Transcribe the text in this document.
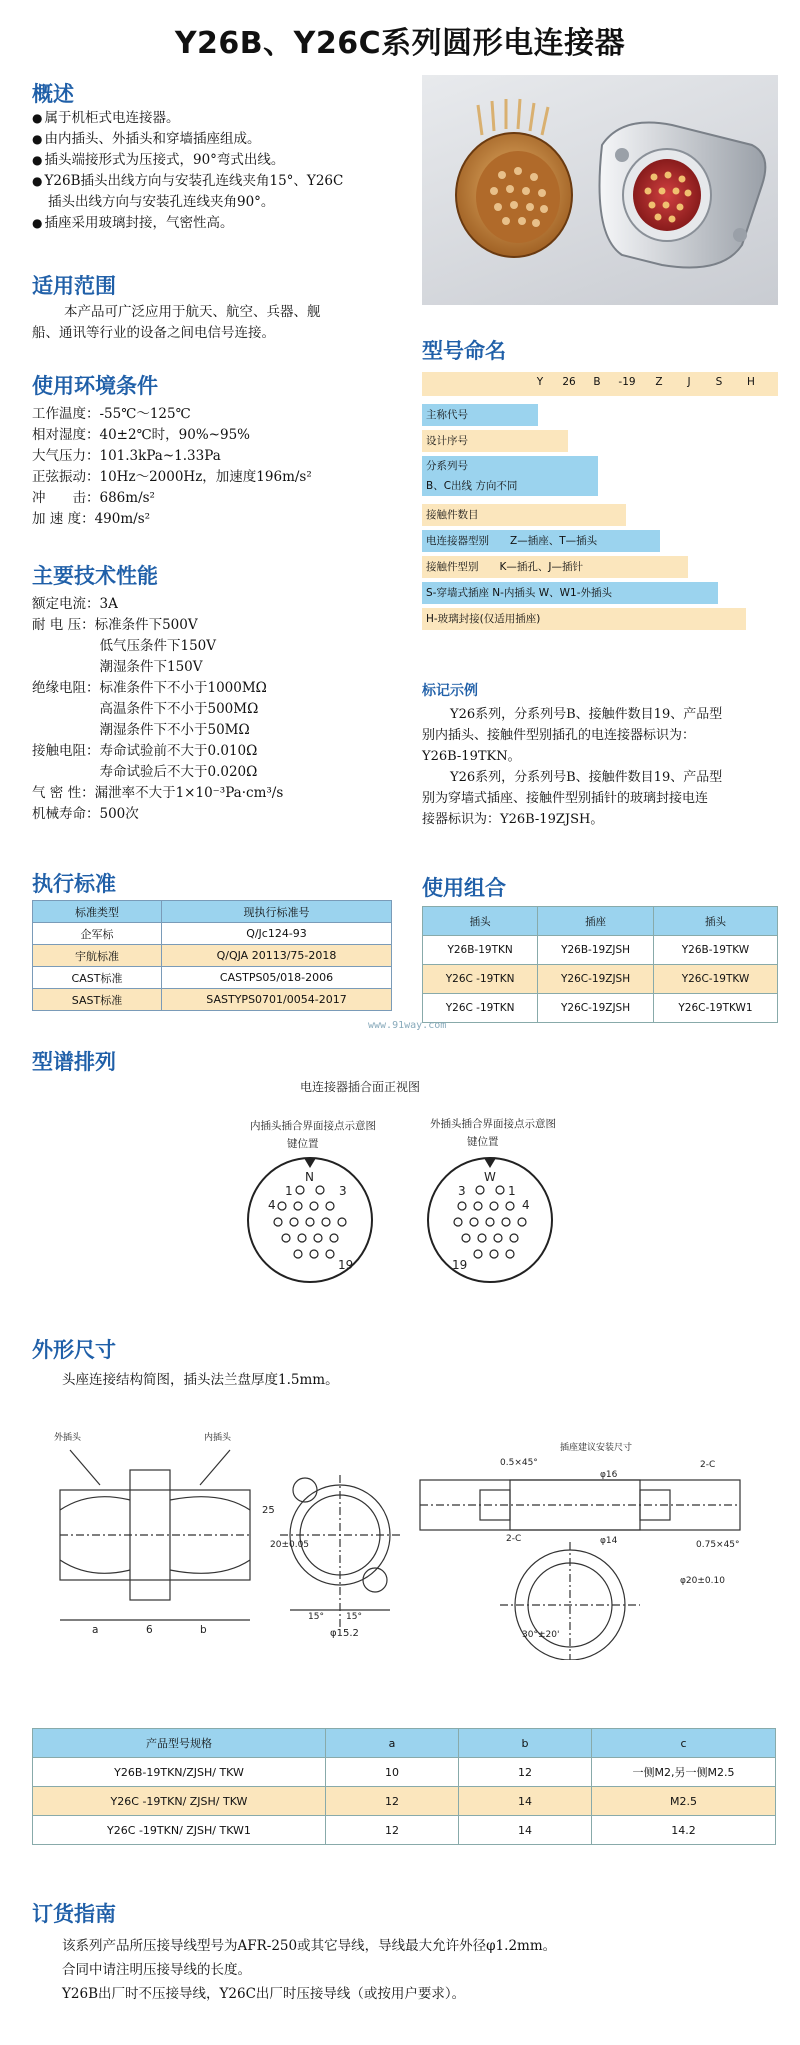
Y26B、Y26C系列圆形电连接器
概述

● 属于机柜式电连接器。

● 由内插头、外插头和穿墙插座组成。

● 插头端接形式为压接式，90°弯式出线。

● Y26B插头出线方向与安装孔连线夹角15°、Y26C

插头出线方向与安装孔连线夹角90°。

● 插座采用玻璃封接，气密性高。

适用范围

本产品可广泛应用于航天、航空、兵器、舰

船、通讯等行业的设备之间电信号连接。

使用环境条件

工作温度：-55℃～125℃

相对湿度：40±2℃时，90%~95%

大气压力：101.3kPa~1.33Pa

正弦振动：10Hz～2000Hz，加速度196m/s²

冲　　击：686m/s²

加 速 度：490m/s²

主要技术性能

额定电流：3A

耐 电 压：标准条件下500V

　　　　　低气压条件下150V

　　　　　潮湿条件下150V

绝缘电阻：标准条件下不小于1000MΩ

　　　　　高温条件下不小于500MΩ

　　　　　潮湿条件下不小于50MΩ

接触电阻：寿命试验前不大于0.010Ω

　　　　　寿命试验后不大于0.020Ω

气 密 性：漏泄率不大于1×10⁻³Pa·cm³/s

机械寿命：500次

执行标准
标准类型	现执行标准号
企军标	Q/Jc124-93
宇航标准	Q/QJA 20113/75-2018
CAST标准	CASTPS05/018-2006
SAST标准	SASTYPS0701/0054-2017
型号命名
Y	26	B	-19	Z	J	S	H
主称代号
设计序号
分系列号
B、C出线 方向不同
接触件数目
电连接器型别　　Z—插座、T—插头
接触件型别　　K—插孔、J—插针
S-穿墙式插座 N-内插头 W、W1-外插头
H-玻璃封接(仅适用插座)
标记示例

Y26系列，分系列号B、接触件数目19、产品型

别内插头、接触件型别插孔的电连接器标识为：

Y26B-19TKN。

Y26系列，分系列号B、接触件数目19、产品型

别为穿墙式插座、接触件型别插针的玻璃封接电连

接器标识为：Y26B-19ZJSH。

使用组合
插头	插座	插头
Y26B-19TKN	Y26B-19ZJSH	Y26B-19TKW
Y26C -19TKN	Y26C-19ZJSH	Y26C-19TKW
Y26C -19TKN	Y26C-19ZJSH	Y26C-19TKW1
www.91way.com
型谱排列
电连接器插合面正视图
内插头插合界面接点示意图	外插头插合界面接点示意图
键位置	键位置
N
3
1
4
19
W
3	1
4
19
外形尺寸
头座连接结构简图，插头法兰盘厚度1.5mm。
外插头	内插头
a	6	b
插座建议安装尺寸
25
20±0.05
15° 15°
φ15.2
0.5×45°	2-C
2-C
0.75×45°
φ16
φ14
φ20±0.10
30°±20'
产品型号规格	a	b	c
Y26B-19TKN/ZJSH/ TKW	10	12	一侧M2,另一侧M2.5
Y26C -19TKN/ ZJSH/ TKW	12	14	M2.5
Y26C -19TKN/ ZJSH/ TKW1	12	14	14.2
订货指南

该系列产品所压接导线型号为AFR-250或其它导线，导线最大允许外径φ1.2mm。

合同中请注明压接导线的长度。

Y26B出厂时不压接导线，Y26C出厂时压接导线（或按用户要求）。
